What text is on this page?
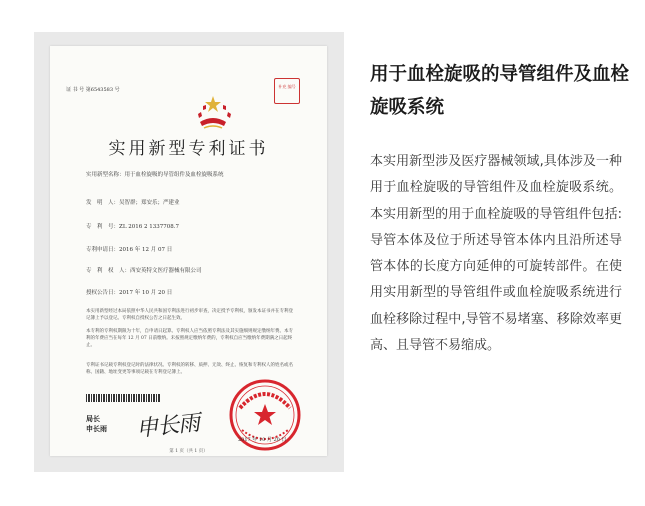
证 书 号 第6543583 号
补充 编号
实用新型专利证书
实用新型名称：用于血栓旋吸的导管组件及血栓旋吸系统
发　明　人：吴智群；郑安乐；严建业
专　利　号：ZL 2016 2 1337708.7
专利申请日：2016 年 12 月 07 日
专　利　权　人：西安英特文医疗器械有限公司
授权公告日：2017 年 10 月 20 日
本实用新型经过本局依照中华人民共和国专利法进行初步审查，决定授予专利权，颁发本证书并在专利登记簿上予以登记。专利权自授权公告之日起生效。
本专利的专利权期限为十年，自申请日起算。专利权人应当依照专利法及其实施细则规定缴纳年费。本专利的年费应当在每年 12 月 07 日前缴纳。未按照规定缴纳年费的，专利权自应当缴纳年费期满之日起终止。
专利证书记载专利权登记时的法律状况。专利权的转移、质押、无效、终止、恢复和专利权人的姓名或名称、国籍、地址变更等事项记载在专利登记簿上。
局长
申长雨 申长雨	2017 年 10 月 20 日
第 1 页（共 1 页）
用于血栓旋吸的导管组件及血栓旋吸系统

本实用新型涉及医疗器械领域,具体涉及一种用于血栓旋吸的导管组件及血栓旋吸系统。本实用新型的用于血栓旋吸的导管组件包括:导管本体及位于所述导管本体内且沿所述导管本体的长度方向延伸的可旋转部件。在使用实用新型的导管组件或血栓旋吸系统进行血栓移除过程中,导管不易堵塞、移除效率更高、且导管不易缩成。
